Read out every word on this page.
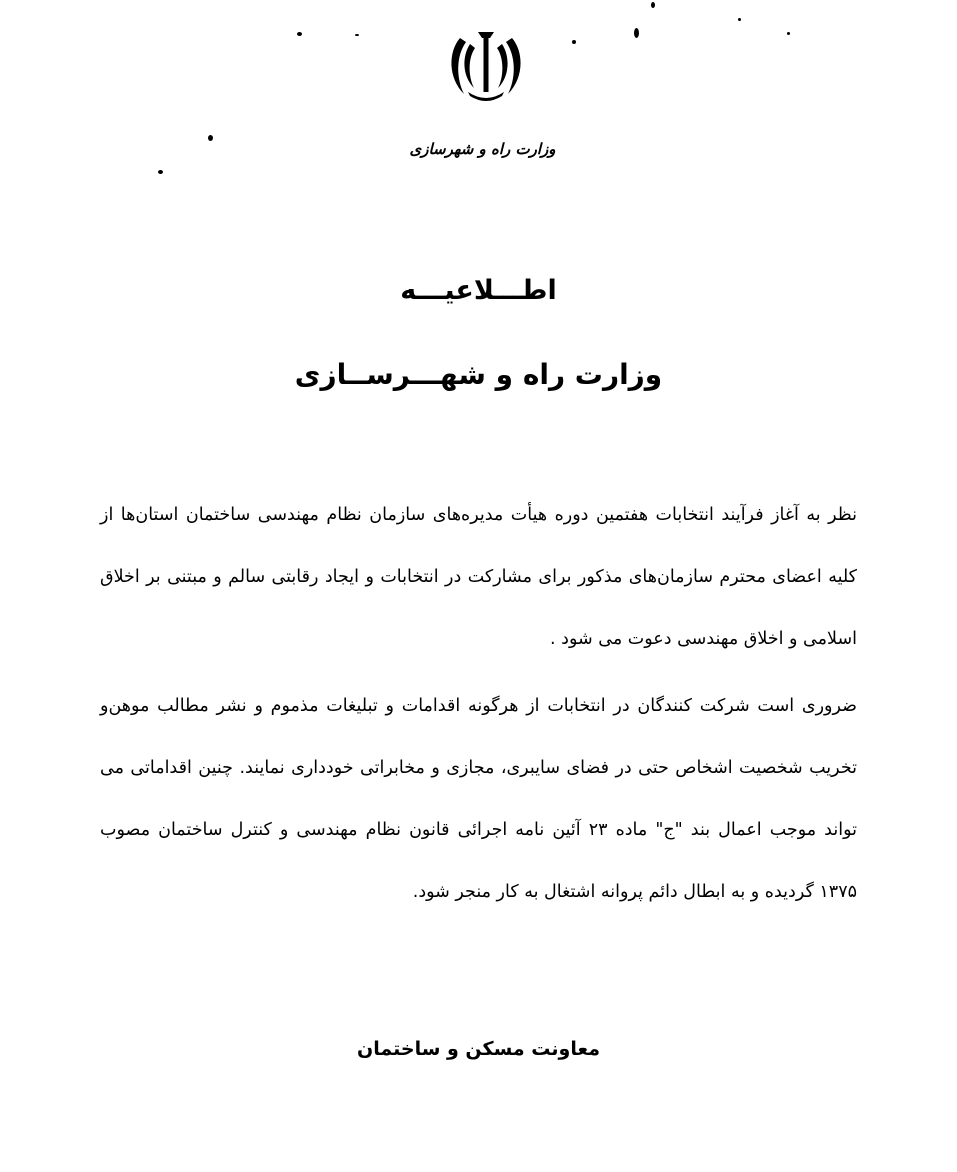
وزارت راه و شهرسازی
اطـــلاعیـــه
وزارت راه و شهـــرســازی

نظر به آغاز فرآیند انتخابات هفتمین دوره هیأت مدیره‌های سازمان نظام مهندسی ساختمان استان‌ها از کلیه اعضای محترم سازمان‌های مذکور برای مشارکت در انتخابات و ایجاد رقابتی سالم و مبتنی بر اخلاق اسلامی و اخلاق مهندسی دعوت می شود .

ضروری است شرکت کنندگان در انتخابات از هرگونه اقدامات و تبلیغات مذموم و نشر مطالب موهن‌و تخریب شخصیت اشخاص حتی در فضای سایبری، مجازی و مخابراتی خودداری نمایند. چنین اقداماتی می تواند موجب اعمال بند "ج" ماده ۲۳ آئین نامه اجرائی قانون نظام مهندسی و کنترل ساختمان مصوب ۱۳۷۵ گردیده و به ابطال دائم پروانه اشتغال به کار منجر شود.

معاونت مسکن و ساختمان
